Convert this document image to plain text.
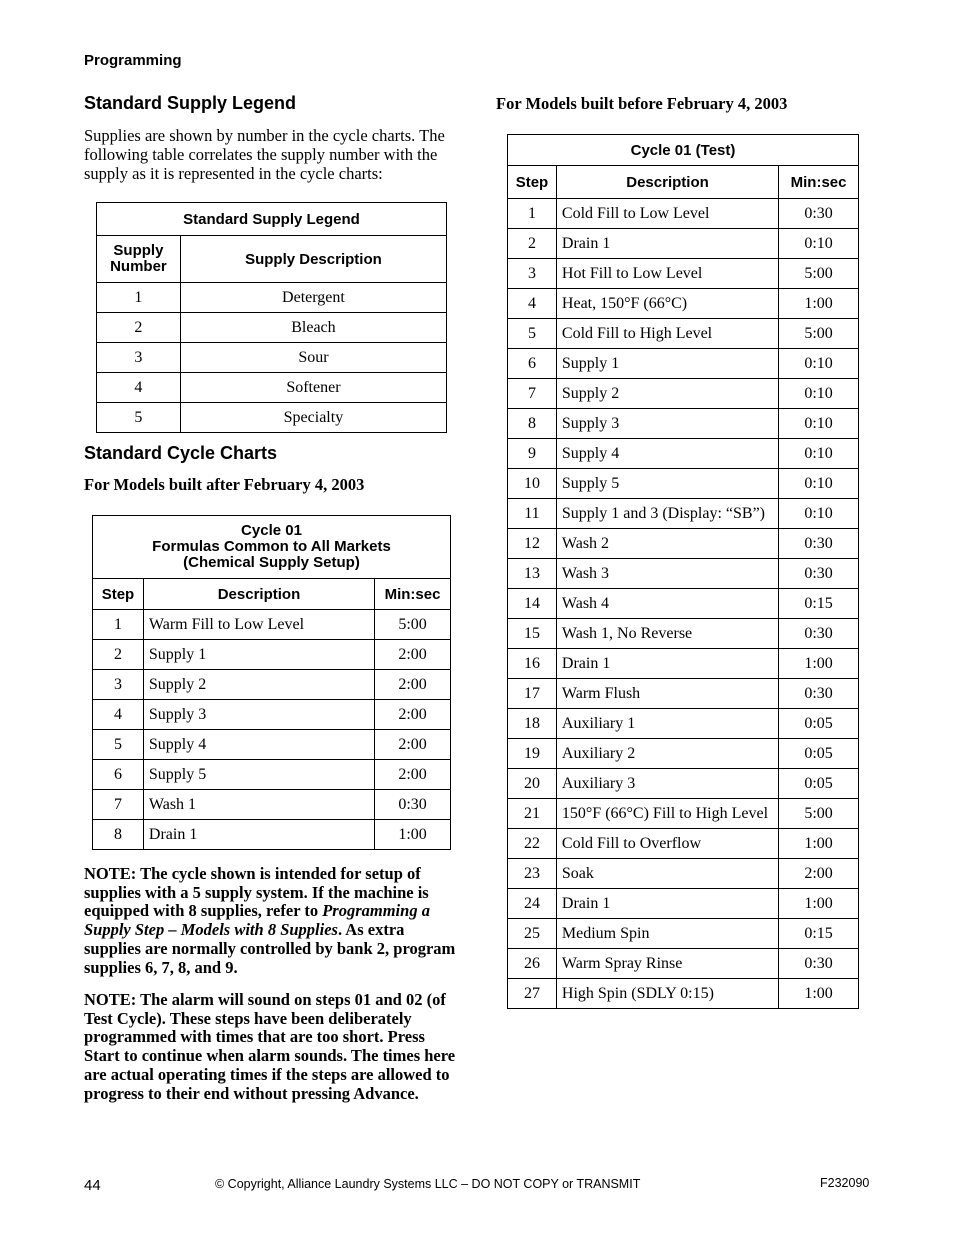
Programming
Standard Supply Legend
Supplies are shown by number in the cycle charts. The following table correlates the supply number with the supply as it is represented in the cycle charts:
Standard Supply Legend	
Supply
Number	Supply Description
1	Detergent
2	Bleach
3	Sour
4	Softener
5	Specialty
Standard Cycle Charts
For Models built after February 4, 2003
Cycle 01
Formulas Common to All Markets
(Chemical Supply Setup)		
Step	Description	Min:sec
1	Warm Fill to Low Level	5:00
2	Supply 1	2:00
3	Supply 2	2:00
4	Supply 3	2:00
5	Supply 4	2:00
6	Supply 5	2:00
7	Wash 1	0:30
8	Drain 1	1:00
NOTE: The cycle shown is intended for setup of supplies with a 5 supply system. If the machine is equipped with 8 supplies, refer to Programming a Supply Step – Models with 8 Supplies. As extra supplies are normally controlled by bank 2, program supplies 6, 7, 8, and 9.
NOTE: The alarm will sound on steps 01 and 02 (of Test Cycle). These steps have been deliberately programmed with times that are too short. Press Start to continue when alarm sounds. The times here are actual operating times if the steps are allowed to progress to their end without pressing Advance.
For Models built before February 4, 2003
Cycle 01 (Test)		
Step	Description	Min:sec
1	Cold Fill to Low Level	0:30
2	Drain 1	0:10
3	Hot Fill to Low Level	5:00
4	Heat, 150°F (66°C)	1:00
5	Cold Fill to High Level	5:00
6	Supply 1	0:10
7	Supply 2	0:10
8	Supply 3	0:10
9	Supply 4	0:10
10	Supply 5	0:10
11	Supply 1 and 3 (Display: “SB”)	0:10
12	Wash 2	0:30
13	Wash 3	0:30
14	Wash 4	0:15
15	Wash 1, No Reverse	0:30
16	Drain 1	1:00
17	Warm Flush	0:30
18	Auxiliary 1	0:05
19	Auxiliary 2	0:05
20	Auxiliary 3	0:05
21	150°F (66°C) Fill to High Level	5:00
22	Cold Fill to Overflow	1:00
23	Soak	2:00
24	Drain 1	1:00
25	Medium Spin	0:15
26	Warm Spray Rinse	0:30
27	High Spin (SDLY 0:15)	1:00
44	© Copyright, Alliance Laundry Systems LLC – DO NOT COPY or TRANSMIT	F232090
